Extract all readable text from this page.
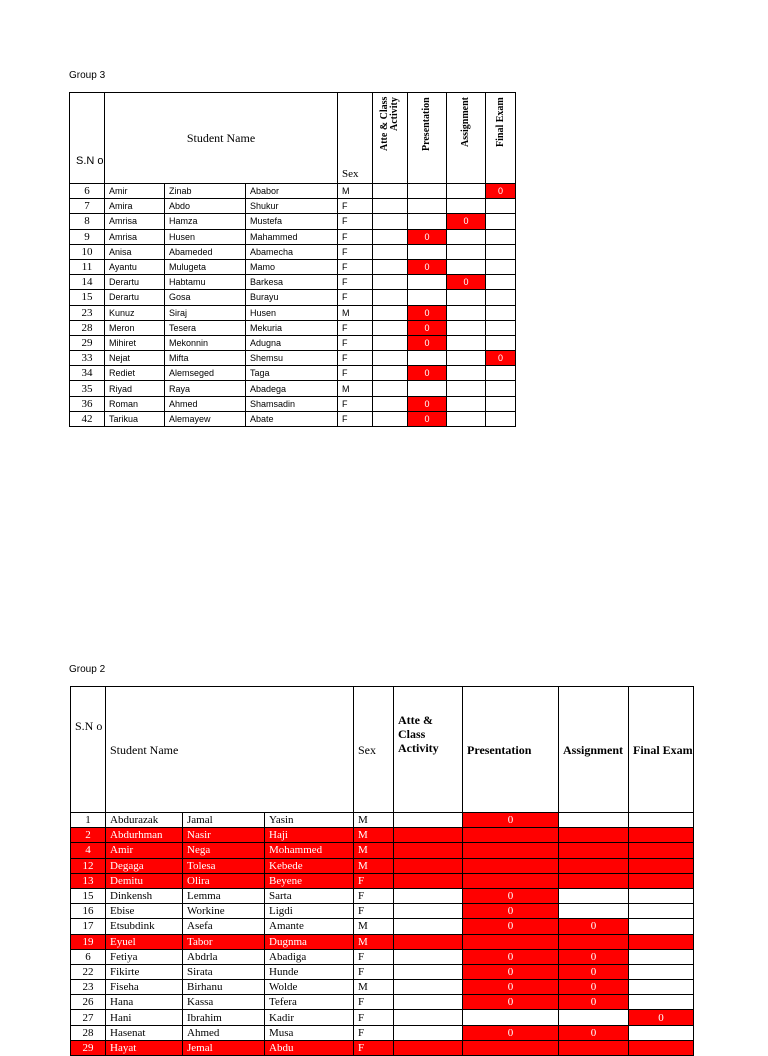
Group 3
S.N o	Student Name			Sex	Atte & Class Activity	Presentation	Assignment	Final Exam

6	Amir	Zinab	Ababor	M				0
7	Amira	Abdo	Shukur	F				
8	Amrisa	Hamza	Mustefa	F			0	
9	Amrisa	Husen	Mahammed	F		0		
10	Anisa	Abameded	Abamecha	F				
11	Ayantu	Mulugeta	Mamo	F		0		
14	Derartu	Habtamu	Barkesa	F			0	
15	Derartu	Gosa	Burayu	F				
23	Kunuz	Siraj	Husen	M		0		
28	Meron	Tesera	Mekuria	F		0		
29	Mihiret	Mekonnin	Adugna	F		0		
33	Nejat	Mifta	Shemsu	F				0
34	Rediet	Alemseged	Taga	F		0		
35	Riyad	Raya	Abadega	M				
36	Roman	Ahmed	Shamsadin	F		0		
42	Tarikua	Alemayew	Abate	F		0		
Group 2
S.N o	Student Name			Sex	Atte & Class Activity	Presentation	Assignment	Final Exam

1	Abdurazak	Jamal	Yasin	M		0		
2	Abdurhman	Nasir	Haji	M				
4	Amir	Nega	Mohammed	M				
12	Degaga	Tolesa	Kebede	M				
13	Demitu	Olira	Beyene	F				
15	Dinkensh	Lemma	Sarta	F		0		
16	Ebise	Workine	Ligdi	F		0		
17	Etsubdink	Asefa	Amante	M		0	0	
19	Eyuel	Tabor	Dugnma	M				
6	Fetiya	Abdrla	Abadiga	F		0	0	
22	Fikirte	Sirata	Hunde	F		0	0	
23	Fiseha	Birhanu	Wolde	M		0	0	
26	Hana	Kassa	Tefera	F		0	0	
27	Hani	Ibrahim	Kadir	F				0
28	Hasenat	Ahmed	Musa	F		0	0	
29	Hayat	Jemal	Abdu	F				
